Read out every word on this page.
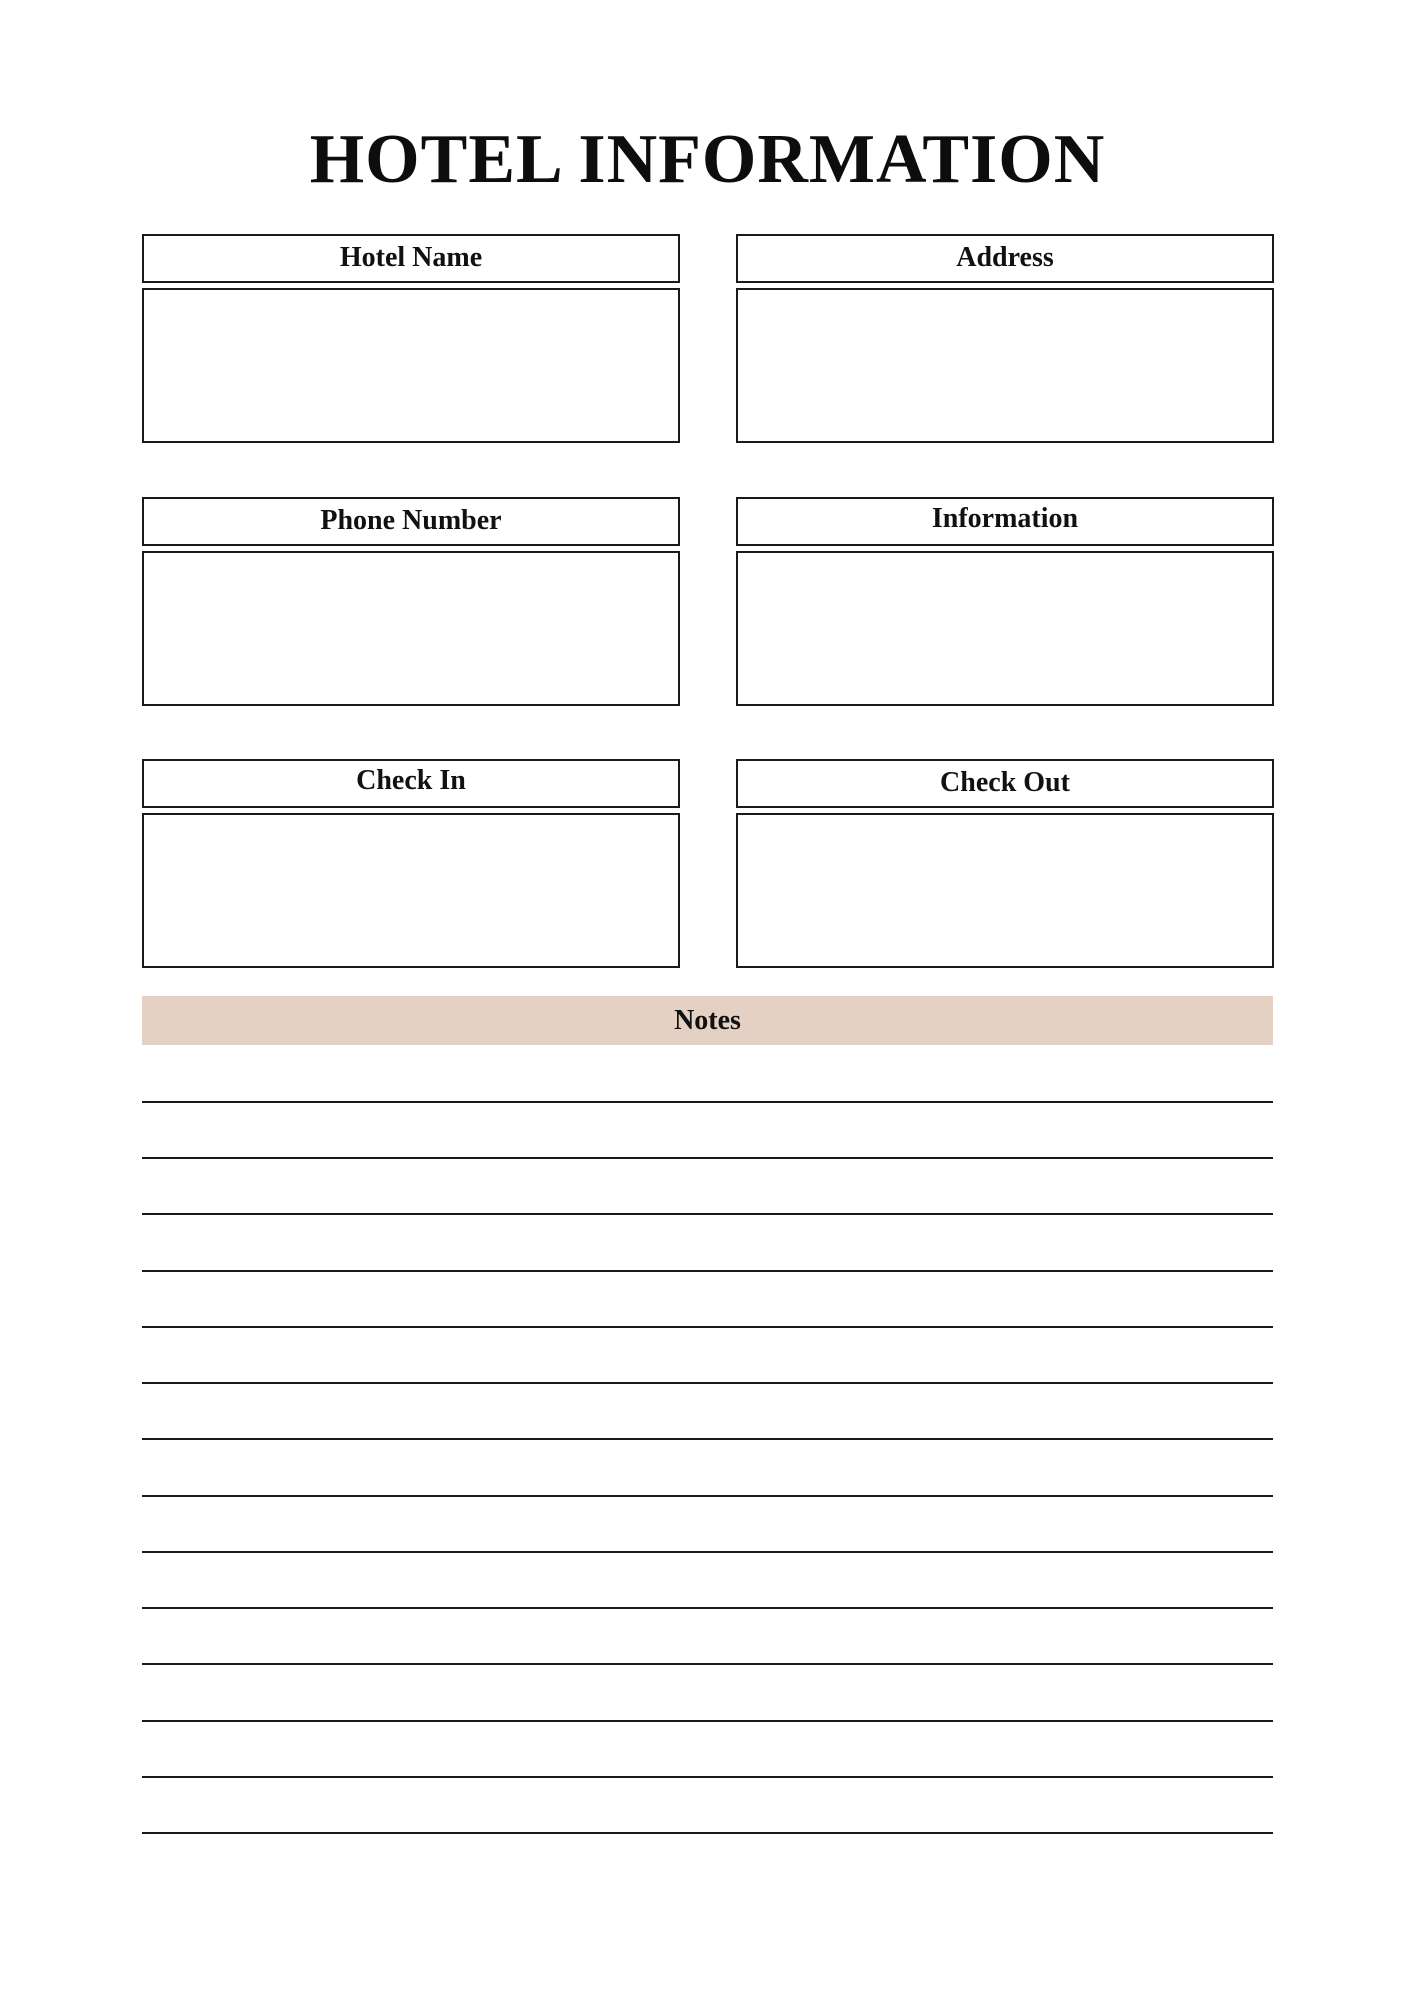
HOTEL INFORMATION
Hotel Name	Address
Phone Number	Information
Check In	Check Out
Notes
